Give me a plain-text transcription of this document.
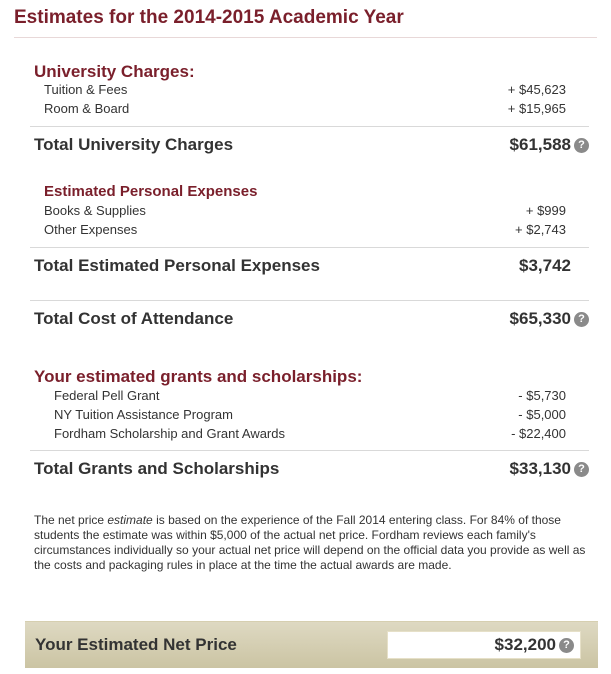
Estimates for the 2014-2015 Academic Year
University Charges:
Tuition & Fees	+ $45,623
Room & Board	+ $15,965
Total University Charges	$61,588 ?
Estimated Personal Expenses
Books & Supplies	+ $999
Other Expenses	+ $2,743
Total Estimated Personal Expenses	$3,742
Total Cost of Attendance	$65,330 ?
Your estimated grants and scholarships:
Federal Pell Grant	- $5,730
NY Tuition Assistance Program	- $5,000
Fordham Scholarship and Grant Awards	- $22,400
Total Grants and Scholarships	$33,130 ?

The net price estimate is based on the experience of the Fall 2014 entering class. For 84% of those students the estimate was within $5,000 of the actual net price. Fordham reviews each family's circumstances individually so your actual net price will depend on the official data you provide as well as the costs and packaging rules in place at the time the actual awards are made.

Your Estimated Net Price	$32,200 ?
